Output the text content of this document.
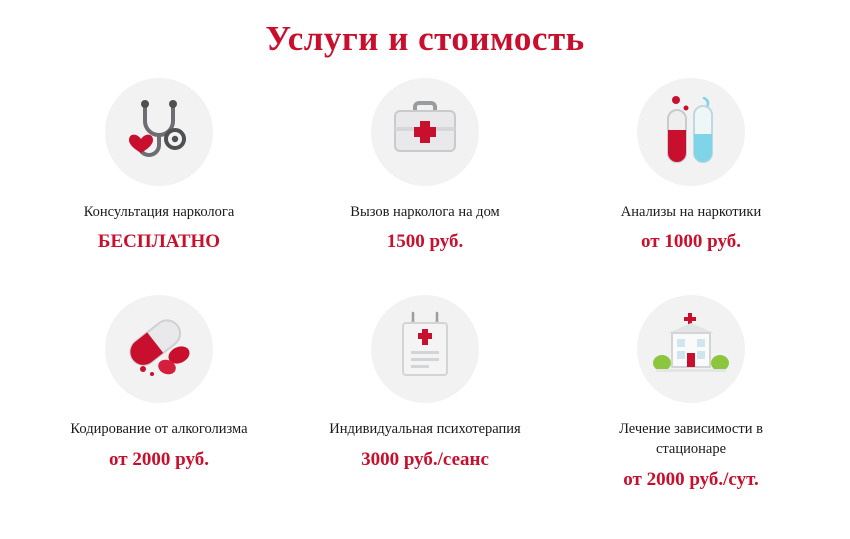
Услуги и стоимость

Консультация нарколога

БЕСПЛАТНО

Вызов нарколога на дом

1500 руб.

Анализы на наркотики

от 1000 руб.

Кодирование от алкоголизма

от 2000 руб.

Индивидуальная психотерапия

3000 руб./сеанс

Лечение зависимости в стационаре

от 2000 руб./сут.
